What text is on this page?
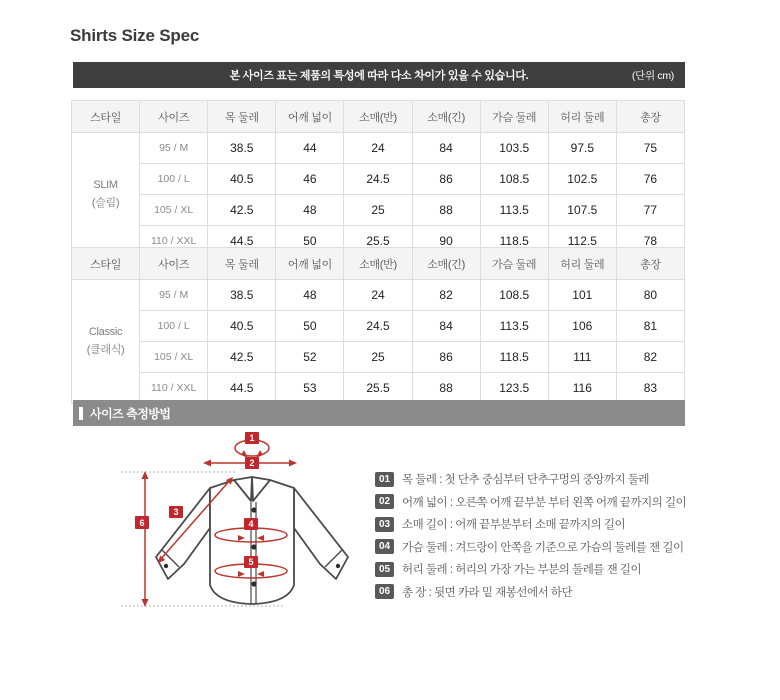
Shirts Size Spec
본 사이즈 표는 제품의 특성에 따라 다소 차이가 있을 수 있습니다.	(단위 cm)
스타일	사이즈	목 둘레	어깨 넓이	소매(반)	소매(긴)	가슴 둘레	허리 둘레	총장
SLIM
(슬림)	95 / M	38.5	44	24	84	103.5	97.5	75
	100 / L	40.5	46	24.5	86	108.5	102.5	76
	105 / XL	42.5	48	25	88	113.5	107.5	77
	110 / XXL	44.5	50	25.5	90	118.5	112.5	78
스타일	사이즈	목 둘레	어깨 넓이	소매(반)	소매(긴)	가슴 둘레	허리 둘레	총장
Classic
(클래식)	95 / M	38.5	48	24	82	108.5	101	80
	100 / L	40.5	50	24.5	84	113.5	106	81
	105 / XL	42.5	52	25	86	118.5	111	82
	110 / XXL	44.5	53	25.5	88	123.5	116	83
사이즈 측정방법
1
2
3
4
5
6
01	목 둘레 : 첫 단추 중심부터 단추구멍의 중앙까지 둘레
02	어깨 넓이 : 오른쪽 어깨 끝부분 부터 왼쪽 어깨 끝까지의 길이
03	소매 길이 : 어깨 끝부분부터 소매 끝까지의 길이
04	가슴 둘레 : 겨드랑이 안쪽을 기준으로 가슴의 둘레를 잰 길이
05	허리 둘레 : 허리의 가장 가는 부분의 둘레를 잰 길이
06	총 장 : 뒷면 카라 밑 재봉선에서 하단
